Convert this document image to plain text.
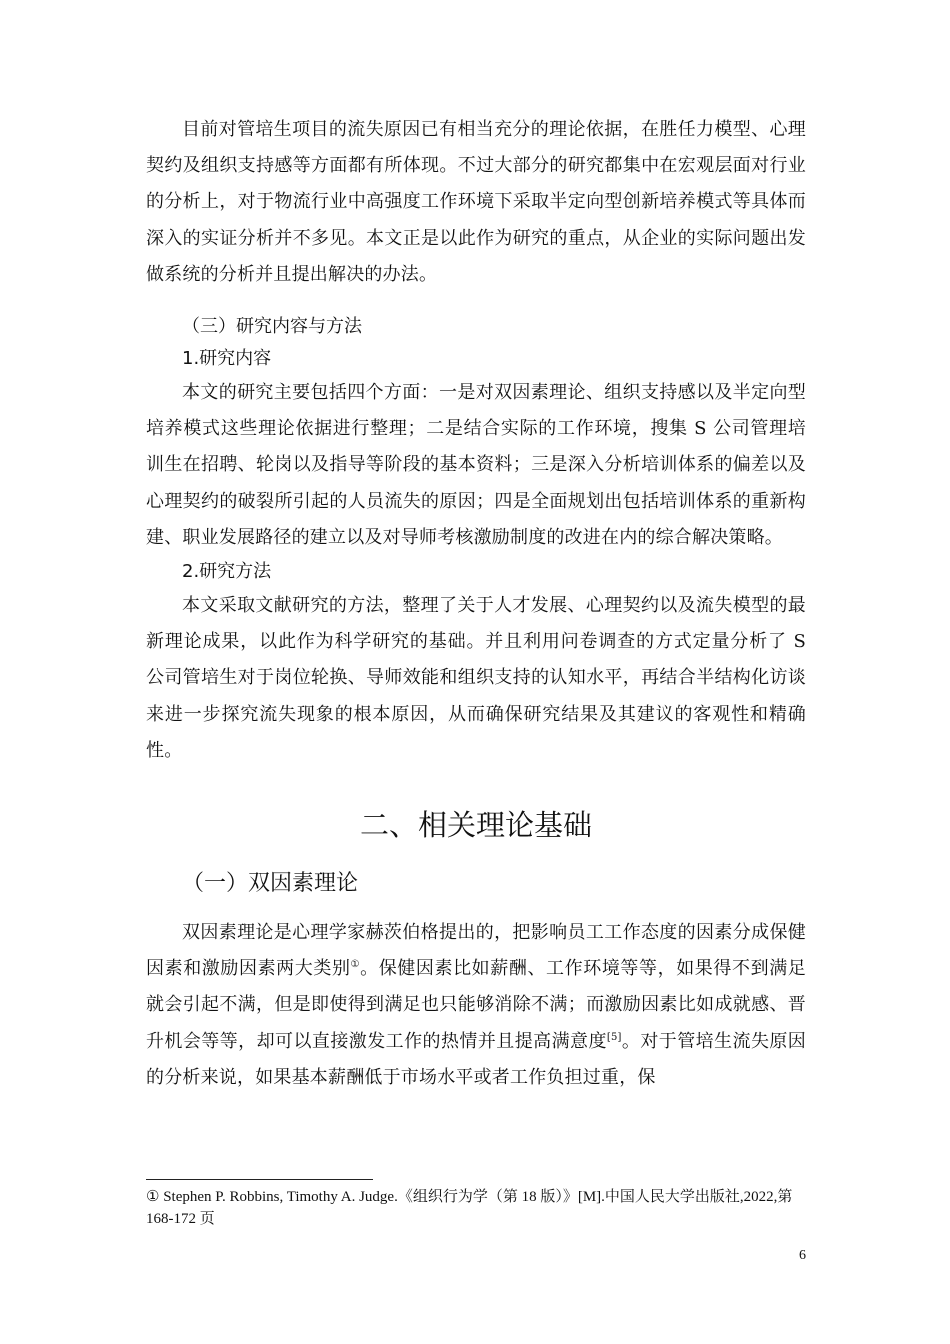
目前对管培生项目的流失原因已有相当充分的理论依据，在胜任力模型、心理契约及组织支持感等方面都有所体现。不过大部分的研究都集中在宏观层面对行业的分析上，对于物流行业中高强度工作环境下采取半定向型创新培养模式等具体而深入的实证分析并不多见。本文正是以此作为研究的重点，从企业的实际问题出发做系统的分析并且提出解决的办法。

（三）研究内容与方法
1.研究内容

本文的研究主要包括四个方面：一是对双因素理论、组织支持感以及半定向型培养模式这些理论依据进行整理；二是结合实际的工作环境，搜集 S 公司管理培训生在招聘、轮岗以及指导等阶段的基本资料；三是深入分析培训体系的偏差以及心理契约的破裂所引起的人员流失的原因；四是全面规划出包括培训体系的重新构建、职业发展路径的建立以及对导师考核激励制度的改进在内的综合解决策略。

2.研究方法

本文采取文献研究的方法，整理了关于人才发展、心理契约以及流失模型的最新理论成果，以此作为科学研究的基础。并且利用问卷调查的方式定量分析了 S 公司管培生对于岗位轮换、导师效能和组织支持的认知水平，再结合半结构化访谈来进一步探究流失现象的根本原因，从而确保研究结果及其建议的客观性和精确性。

二、相关理论基础
（一）双因素理论

双因素理论是心理学家赫茨伯格提出的，把影响员工工作态度的因素分成保健因素和激励因素两大类别①。保健因素比如薪酬、工作环境等等，如果得不到满足就会引起不满，但是即使得到满足也只能够消除不满；而激励因素比如成就感、晋升机会等等，却可以直接激发工作的热情并且提高满意度[5]。对于管培生流失原因的分析来说，如果基本薪酬低于市场水平或者工作负担过重，保

① Stephen P. Robbins, Timothy A. Judge.《组织行为学（第 18 版）》[M].中国人民大学出版社,2022,第 168-172 页
6
